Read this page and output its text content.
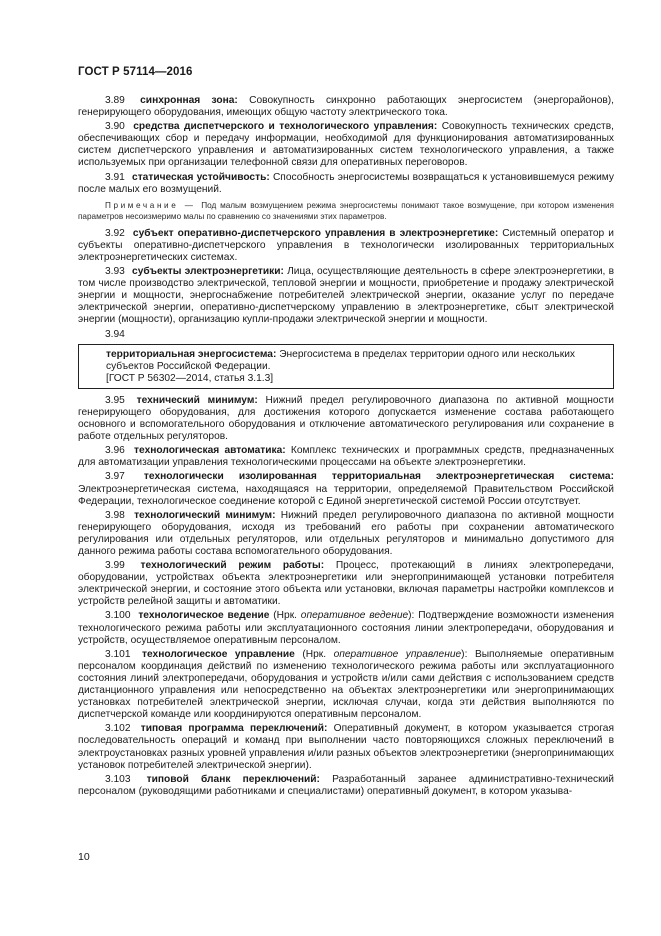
ГОСТ Р 57114—2016

3.89 синхронная зона: Совокупность синхронно работающих энергосистем (энергорайонов), генерирующего оборудования, имеющих общую частоту электрического тока.

3.90 средства диспетчерского и технологического управления: Совокупность технических средств, обеспечивающих сбор и передачу информации, необходимой для функционирования автоматизированных систем диспетчерского управления и автоматизированных систем технологического управления, а также используемых при организации телефонной связи для оперативных переговоров.

3.91 статическая устойчивость: Способность энергосистемы возвращаться к установившемуся режиму после малых его возмущений.

Примечание — Под малым возмущением режима энергосистемы понимают такое возмущение, при котором изменения параметров несоизмеримо малы по сравнению со значениями этих параметров.

3.92 субъект оперативно-диспетчерского управления в электроэнергетике: Системный оператор и субъекты оперативно-диспетчерского управления в технологически изолированных территориальных электроэнергетических системах.

3.93 субъекты электроэнергетики: Лица, осуществляющие деятельность в сфере электроэнергетики, в том числе производство электрической, тепловой энергии и мощности, приобретение и продажу электрической энергии и мощности, энергоснабжение потребителей электрической энергии, оказание услуг по передаче электрической энергии, оперативно-диспетчерскому управлению в электроэнергетике, сбыт электрической энергии (мощности), организацию купли-продажи электрической энергии и мощности.

3.94

территориальная энергосистема: Энергосистема в пределах территории одного или нескольких субъектов Российской Федерации.
[ГОСТ Р 56302—2014, статья 3.1.3]

3.95 технический минимум: Нижний предел регулировочного диапазона по активной мощности генерирующего оборудования, для достижения которого допускается изменение состава работающего основного и вспомогательного оборудования и отключение автоматического регулирования или сохранение в работе отдельных регуляторов.

3.96 технологическая автоматика: Комплекс технических и программных средств, предназначенных для автоматизации управления технологическими процессами на объекте электроэнергетики.

3.97 технологически изолированная территориальная электроэнергетическая система: Электроэнергетическая система, находящаяся на территории, определяемой Правительством Российской Федерации, технологическое соединение которой с Единой энергетической системой России отсутствует.

3.98 технологический минимум: Нижний предел регулировочного диапазона по активной мощности генерирующего оборудования, исходя из требований его работы при сохранении автоматического регулирования или отдельных регуляторов, или отдельных регуляторов и минимально допустимого для данного режима работы состава вспомогательного оборудования.

3.99 технологический режим работы: Процесс, протекающий в линиях электропередачи, оборудовании, устройствах объекта электроэнергетики или энергопринимающей установки потребителя электрической энергии, и состояние этого объекта или установки, включая параметры настройки комплексов и устройств релейной защиты и автоматики.

3.100 технологическое ведение (Нрк. оперативное ведение): Подтверждение возможности изменения технологического режима работы или эксплуатационного состояния линии электропередачи, оборудования и устройств, осуществляемое оперативным персоналом.

3.101 технологическое управление (Нрк. оперативное управление): Выполняемые оперативным персоналом координация действий по изменению технологического режима работы или эксплуатационного состояния линий электропередачи, оборудования и устройств и/или сами действия с использованием средств дистанционного управления или непосредственно на объектах электроэнергетики или энергопринимающих установках потребителей электрической энергии, исключая случаи, когда эти действия выполняются по диспетчерской команде или координируются оперативным персоналом.

3.102 типовая программа переключений: Оперативный документ, в котором указывается строгая последовательность операций и команд при выполнении часто повторяющихся сложных переключений в электроустановках разных уровней управления и/или разных объектов электроэнергетики (энергопринимающих установок потребителей электрической энергии).

3.103 типовой бланк переключений: Разработанный заранее административно-технический персоналом (руководящими работниками и специалистами) оперативный документ, в котором указыва-

10
